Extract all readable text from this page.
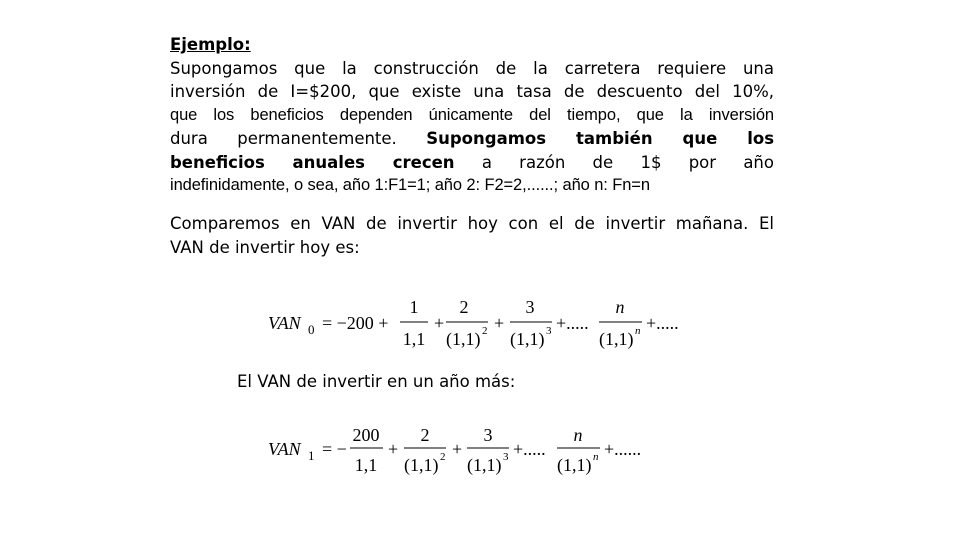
Ejemplo:
Supongamos que la construcción de la carretera requiere una
inversión de I=$200, que existe una tasa de descuento del 10%,
que los beneficios dependen únicamente del tiempo, que la inversión
dura permanentemente. Supongamos también que los
beneficios anuales crecen a razón de 1$ por año
indefinidamente, o sea, año 1:F1=1; año 2: F2=2,......; año n: Fn=n
Comparemos en VAN de invertir hoy con el de invertir mañana. El
VAN de invertir hoy es:
VAN 0 = −200 +
1
1,1
+
2
(1,1) 2 +
3
(1,1) 3 +.....
n
(1,1) n +.....
El VAN de invertir en un año más:
VAN 1 = −
200
1,1
+
2
(1,1) 2 +
3
(1,1) 3 +.....
n
(1,1) n +......
